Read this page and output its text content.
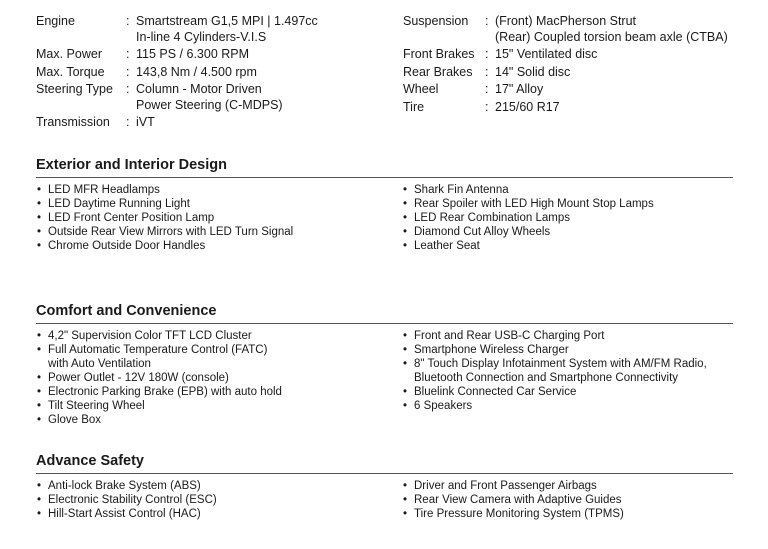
Engine	: Smartstream G1,5 MPI | 1.497cc
In-line 4 Cylinders-V.I.S
Max. Power	: 115 PS / 6.300 RPM
Max. Torque	: 143,8 Nm / 4.500 rpm
Steering Type	: Column - Motor Driven
Power Steering (C-MDPS)
Transmission	: iVT
Suspension	: (Front) MacPherson Strut
(Rear) Coupled torsion beam axle (CTBA)
Front Brakes : 15" Ventilated disc
Rear Brakes	: 14" Solid disc
Wheel	: 17" Alloy
Tire	: 215/60 R17
Exterior and Interior Design
• LED MFR Headlamps
• LED Daytime Running Light
• LED Front Center Position Lamp
• Outside Rear View Mirrors with LED Turn Signal
• Chrome Outside Door Handles
• Shark Fin Antenna
• Rear Spoiler with LED High Mount Stop Lamps
• LED Rear Combination Lamps
• Diamond Cut Alloy Wheels
• Leather Seat
Comfort and Convenience
• 4,2" Supervision Color TFT LCD Cluster
• Full Automatic Temperature Control (FATC)
with Auto Ventilation
• Power Outlet - 12V 180W (console)
• Electronic Parking Brake (EPB) with auto hold
• Tilt Steering Wheel
• Glove Box
• Front and Rear USB-C Charging Port
• Smartphone Wireless Charger
• 8" Touch Display Infotainment System with AM/FM Radio,
Bluetooth Connection and Smartphone Connectivity
• Bluelink Connected Car Service
• 6 Speakers
Advance Safety
• Anti-lock Brake System (ABS)
• Electronic Stability Control (ESC)
• Hill-Start Assist Control (HAC)
• Driver and Front Passenger Airbags
• Rear View Camera with Adaptive Guides
• Tire Pressure Monitoring System (TPMS)
